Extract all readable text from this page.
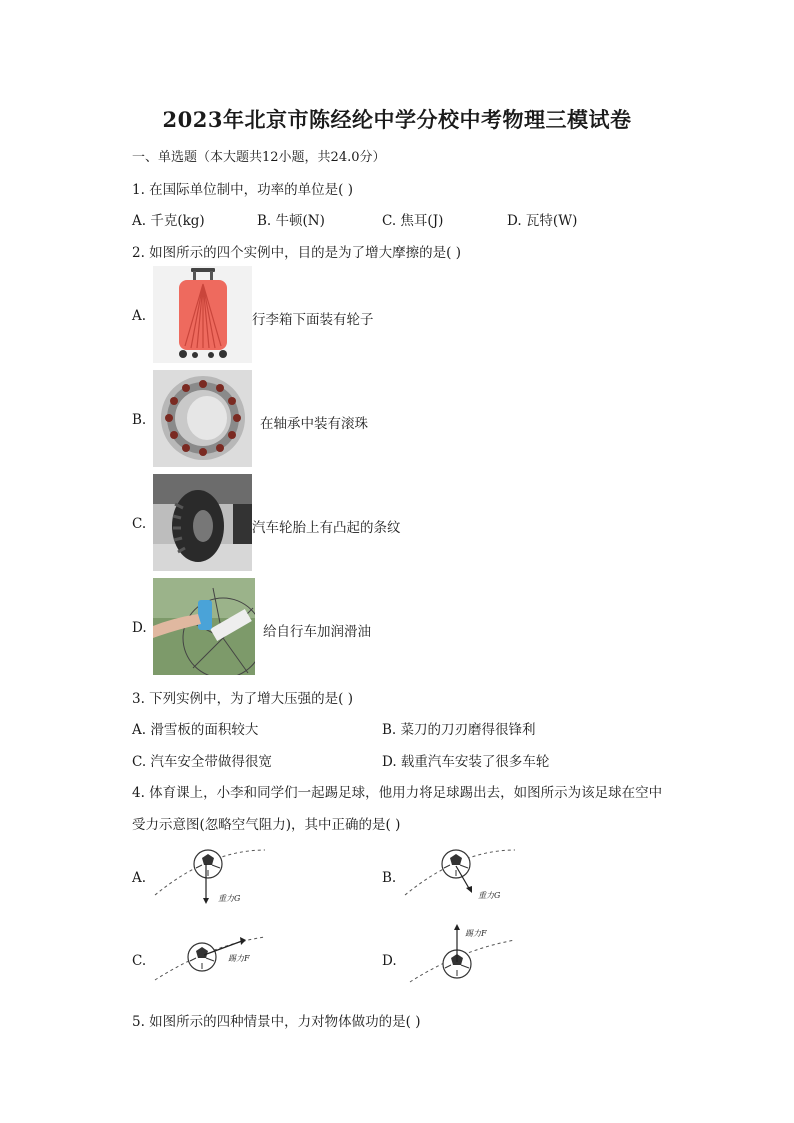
2023年北京市陈经纶中学分校中考物理三模试卷
一、单选题（本大题共12小题，共24.0分）
1. 在国际单位制中，功率的单位是( )
A. 千克(kg)	B. 牛顿(N)	C. 焦耳(J)	D. 瓦特(W)
2. 如图所示的四个实例中，目的是为了增大摩擦的是( )
A.	行李箱下面装有轮子
B.	在轴承中装有滚珠
C.	汽车轮胎上有凸起的条纹
D.	给自行车加润滑油
3. 下列实例中，为了增大压强的是( )
A. 滑雪板的面积较大	B. 菜刀的刀刃磨得很锋利
C. 汽车安全带做得很宽	D. 载重汽车安装了很多车轮
4. 体育课上，小李和同学们一起踢足球，他用力将足球踢出去，如图所示为该足球在空中
受力示意图(忽略空气阻力)，其中正确的是( )
A.
重力G
B.
重力G
C.	踢力F	D.
踢力F
5. 如图所示的四种情景中，力对物体做功的是( )
